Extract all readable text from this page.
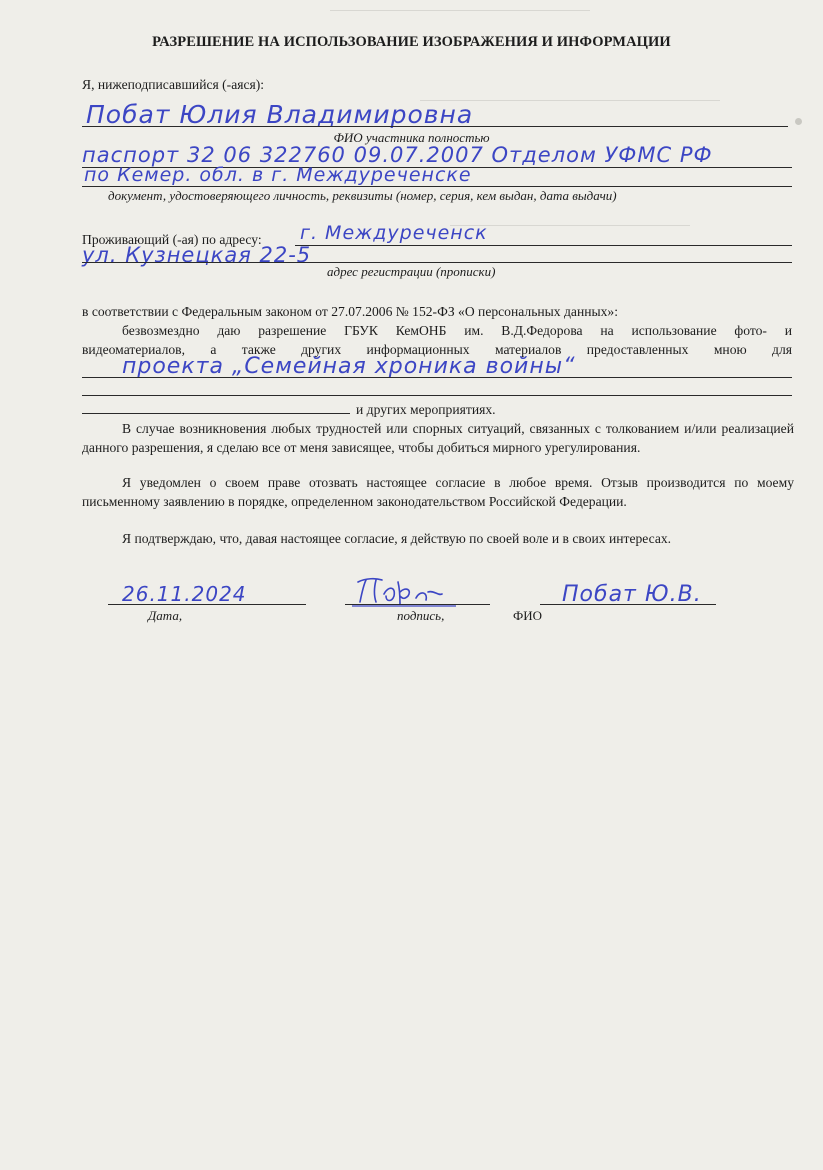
РАЗРЕШЕНИЕ НА ИСПОЛЬЗОВАНИЕ ИЗОБРАЖЕНИЯ И ИНФОРМАЦИИ
Я, нижеподписавшийся (-аяся):
Побат Юлия Владимировна
ФИО участника полностью
паспорт 32 06 322760 09.07.2007 Отделом УФМС РФ
по Кемер. обл. в г. Междуреченске
документ, удостоверяющего личность, реквизиты (номер, серия, кем выдан, дата выдачи)
Проживающий (-ая) по адресу: г. Междуреченск
ул. Кузнецкая 22-5
адрес регистрации (прописки)
в соответствии с Федеральным законом от 27.07.2006 № 152-ФЗ «О персональных данных»:
безвозмездно даю разрешение ГБУК КемОНБ им. В.Д.Федорова на использование фото- и
видеоматериалов, а также других информационных материалов предоставленных мною для
проекта „Семейная хроника войны“
и других мероприятиях.
В случае возникновения любых трудностей или спорных ситуаций, связанных с толкованием и/или реализацией данного разрешения, я сделаю все от меня зависящее, чтобы добиться мирного урегулирования.
Я уведомлен о своем праве отозвать настоящее согласие в любое время. Отзыв производится по моему письменному заявлению в порядке, определенном законодательством Российской Федерации.
Я подтверждаю, что, давая настоящее согласие, я действую по своей воле и в своих интересах.
26.11.2024
Дата,	подпись,
Побат Ю.В.
ФИО
